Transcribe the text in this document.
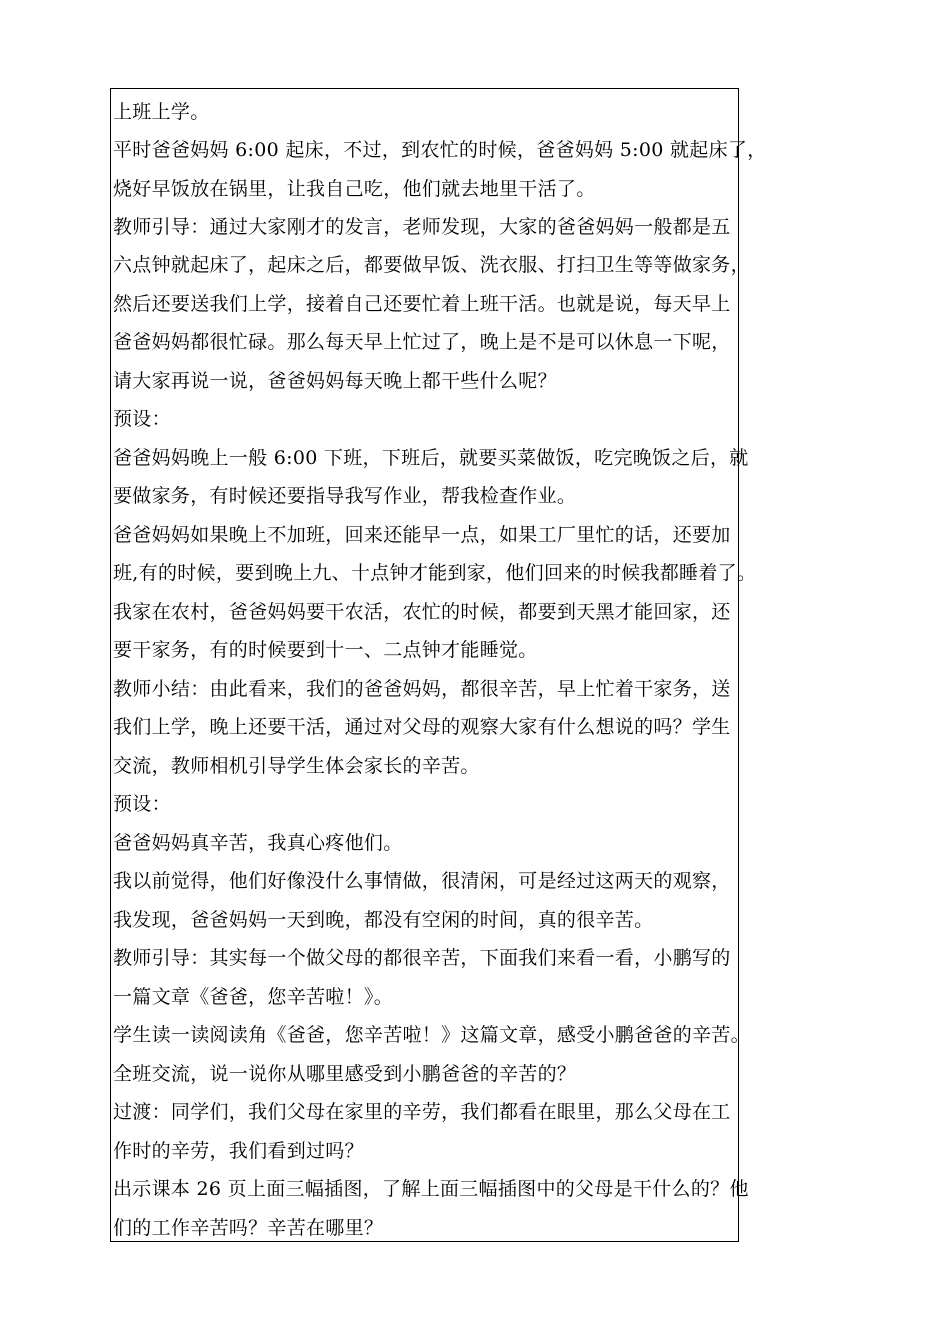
上班上学。
平时爸爸妈妈 6:00 起床，不过，到农忙的时候，爸爸妈妈 5:00 就起床了，
烧好早饭放在锅里，让我自己吃，他们就去地里干活了。
教师引导：通过大家刚才的发言，老师发现，大家的爸爸妈妈一般都是五
六点钟就起床了，起床之后，都要做早饭、洗衣服、打扫卫生等等做家务，
然后还要送我们上学，接着自己还要忙着上班干活。也就是说，每天早上
爸爸妈妈都很忙碌。那么每天早上忙过了，晚上是不是可以休息一下呢，
请大家再说一说，爸爸妈妈每天晚上都干些什么呢？
预设：
爸爸妈妈晚上一般 6:00 下班，下班后，就要买菜做饭，吃完晚饭之后，就
要做家务，有时候还要指导我写作业，帮我检查作业。
爸爸妈妈如果晚上不加班，回来还能早一点，如果工厂里忙的话，还要加
班,有的时候，要到晚上九、十点钟才能到家，他们回来的时候我都睡着了。
我家在农村，爸爸妈妈要干农活，农忙的时候，都要到天黑才能回家，还
要干家务，有的时候要到十一、二点钟才能睡觉。
教师小结：由此看来，我们的爸爸妈妈，都很辛苦，早上忙着干家务，送
我们上学，晚上还要干活，通过对父母的观察大家有什么想说的吗？学生
交流，教师相机引导学生体会家长的辛苦。
预设：
爸爸妈妈真辛苦，我真心疼他们。
我以前觉得，他们好像没什么事情做，很清闲，可是经过这两天的观察，
我发现，爸爸妈妈一天到晚，都没有空闲的时间，真的很辛苦。
教师引导：其实每一个做父母的都很辛苦，下面我们来看一看，小鹏写的
一篇文章《爸爸，您辛苦啦！》。
学生读一读阅读角《爸爸，您辛苦啦！》这篇文章，感受小鹏爸爸的辛苦。
全班交流，说一说你从哪里感受到小鹏爸爸的辛苦的？
过渡：同学们，我们父母在家里的辛劳，我们都看在眼里，那么父母在工
作时的辛劳，我们看到过吗？
出示课本 26 页上面三幅插图，了解上面三幅插图中的父母是干什么的？他
们的工作辛苦吗？辛苦在哪里？
